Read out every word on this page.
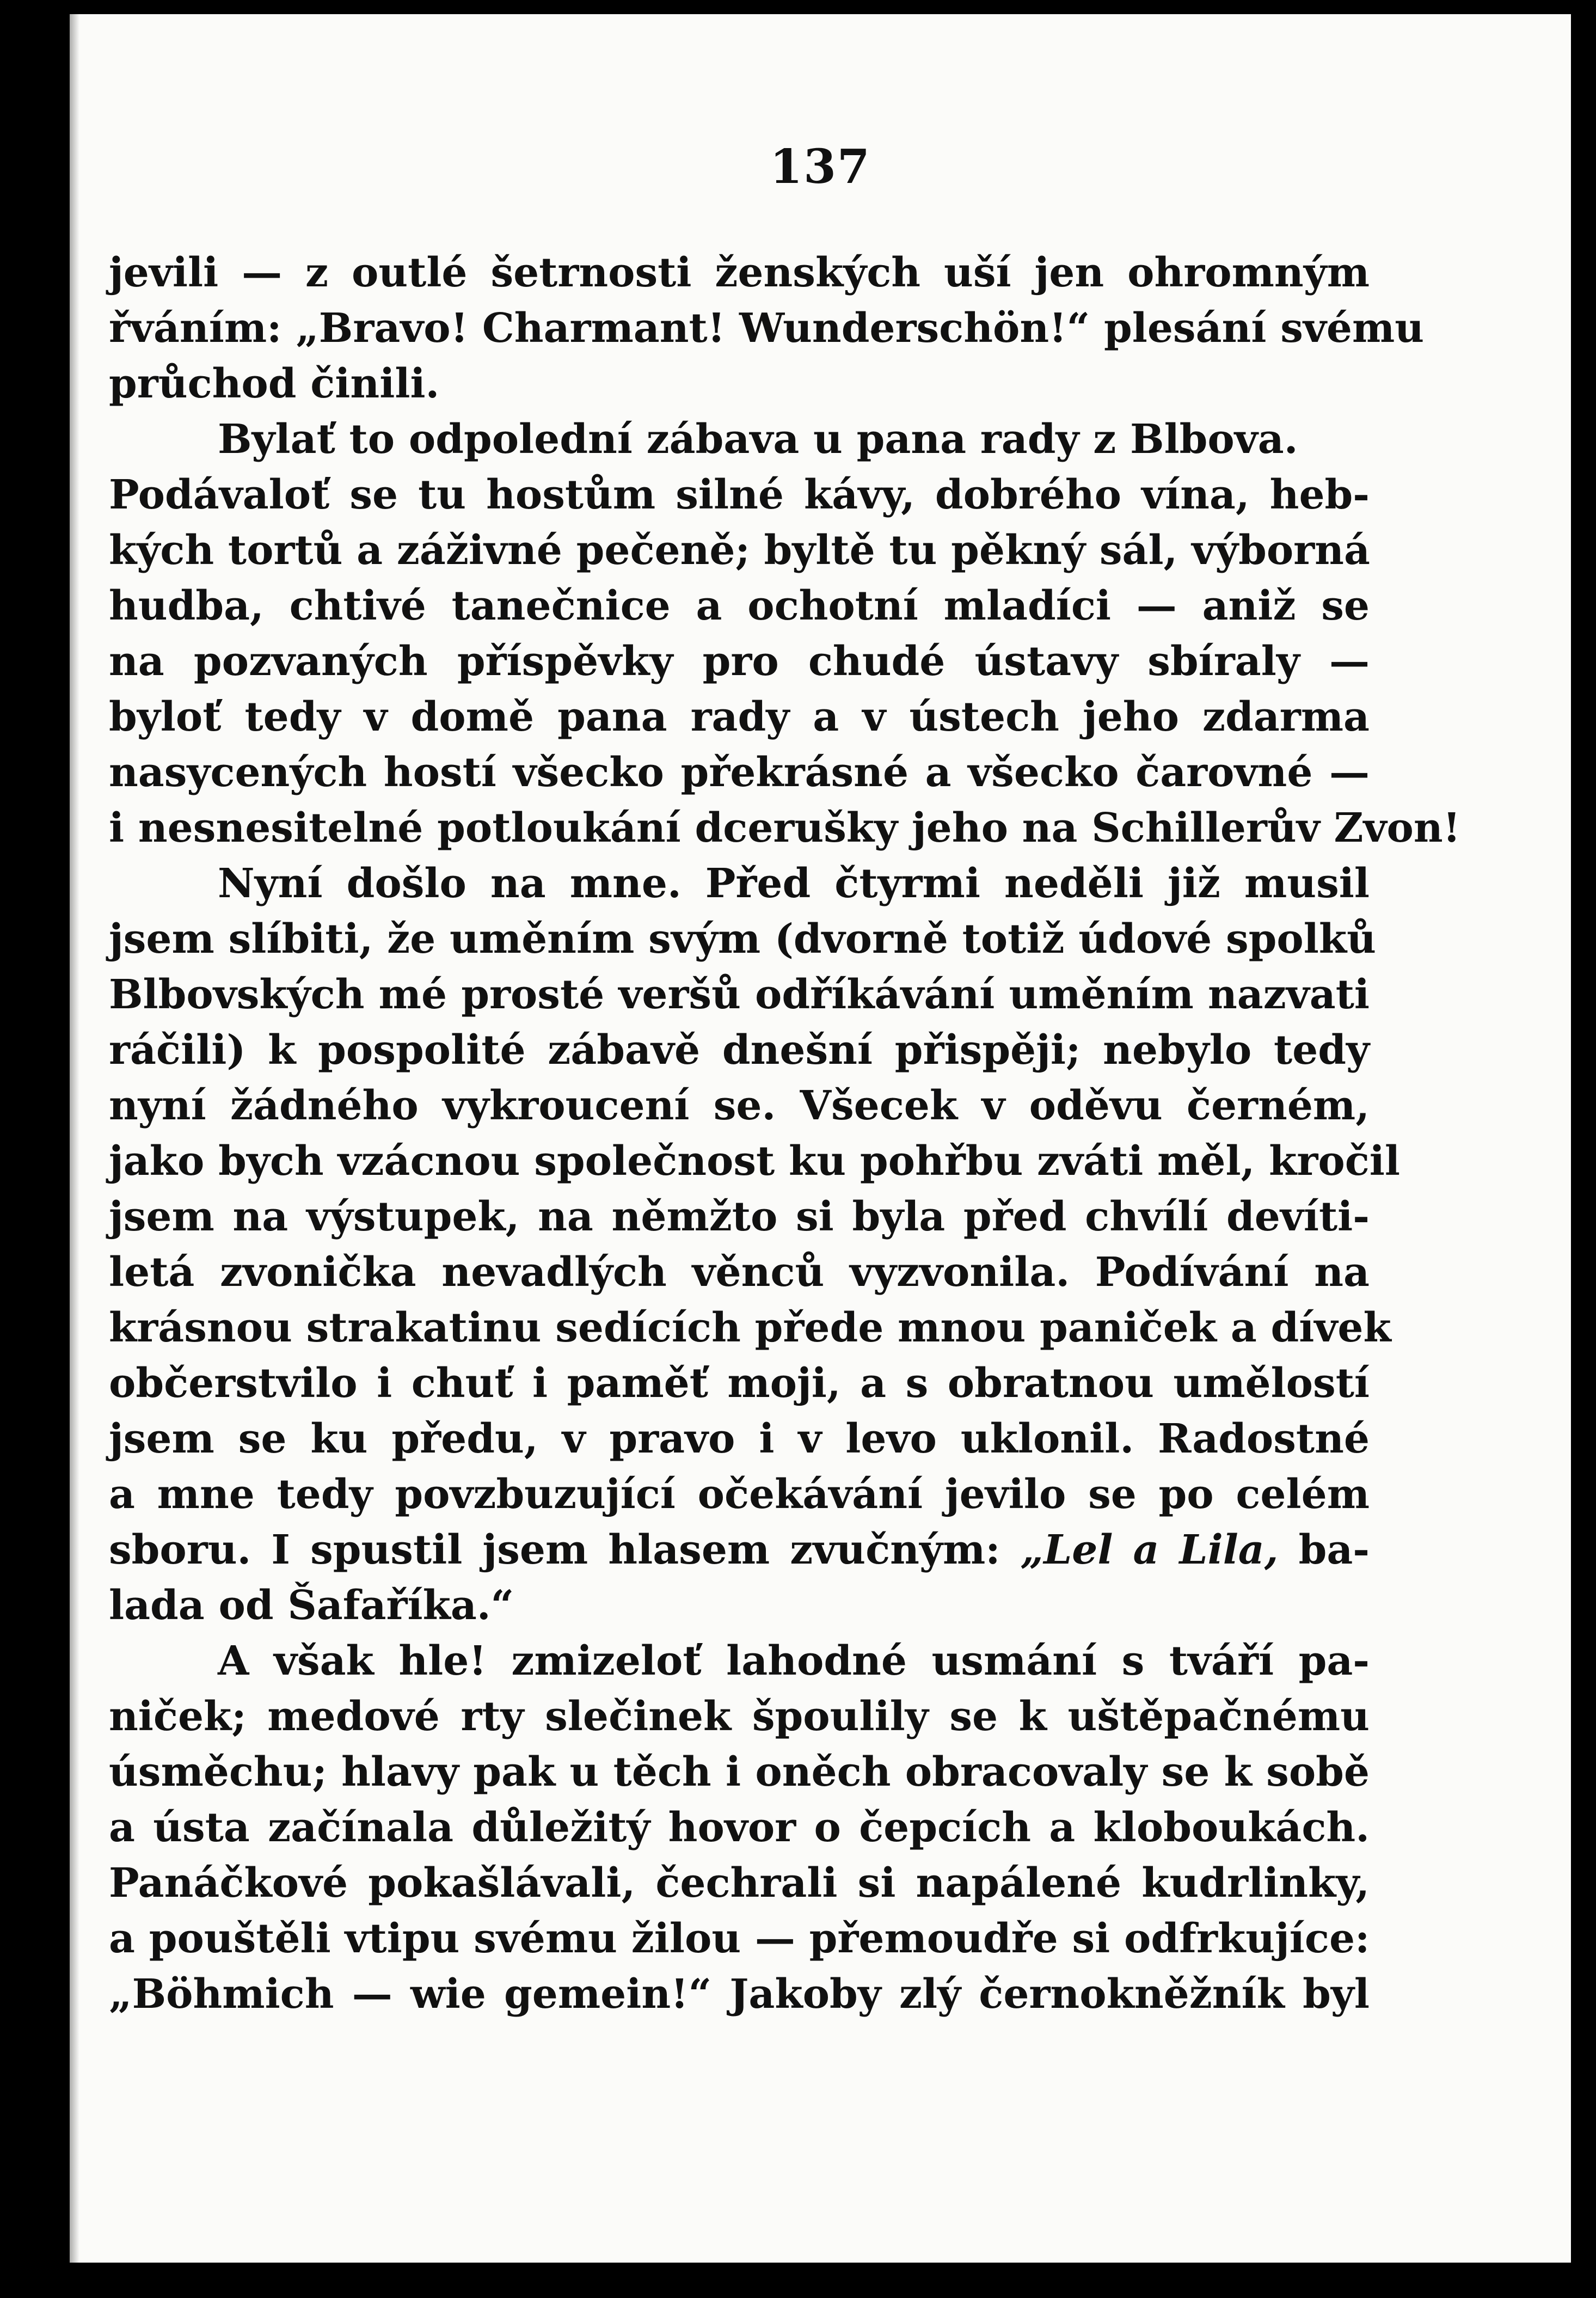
137
jevili — z outlé šetrnosti ženských uší jen ohromným
řváním: „Bravo! Charmant! Wunderschön!“ plesání svému
průchod činili.
Bylať to odpolední zábava u pana rady z Blbova.
Podávaloť se tu hostům silné kávy, dobrého vína, heb-
kých tortů a záživné pečeně; byltě tu pěkný sál, výborná
hudba, chtivé tanečnice a ochotní mladíci — aniž se
na pozvaných příspěvky pro chudé ústavy sbíraly —
byloť tedy v domě pana rady a v ústech jeho zdarma
nasycených hostí všecko překrásné a všecko čarovné —
i nesnesitelné potloukání dcerušky jeho na Schillerův Zvon!
Nyní došlo na mne. Před čtyrmi neděli již musil
jsem slíbiti, že uměním svým (dvorně totiž údové spolků
Blbovských mé prosté veršů odříkávání uměním nazvati
ráčili) k pospolité zábavě dnešní přispěji; nebylo tedy
nyní žádného vykroucení se. Všecek v oděvu černém,
jako bych vzácnou společnost ku pohřbu zváti měl, kročil
jsem na výstupek, na němžto si byla před chvílí devíti-
letá zvonička nevadlých věnců vyzvonila. Podívání na
krásnou strakatinu sedících přede mnou paniček a dívek
občerstvilo i chuť i paměť moji, a s obratnou umělostí
jsem se ku předu, v pravo i v levo uklonil. Radostné
a mne tedy povzbuzující očekávání jevilo se po celém
sboru. I spustil jsem hlasem zvučným: „Lel a Lila, ba-
lada od Šafaříka.“
A však hle! zmizeloť lahodné usmání s tváří pa-
niček; medové rty slečinek špoulily se k uštěpačnému
úsměchu; hlavy pak u těch i oněch obracovaly se k sobě
a ústa začínala důležitý hovor o čepcích a kloboukách.
Panáčkové pokašlávali, čechrali si napálené kudrlinky,
a pouštěli vtipu svému žilou — přemoudře si odfrkujíce:
„Böhmich — wie gemein!“ Jakoby zlý černokněžník byl
